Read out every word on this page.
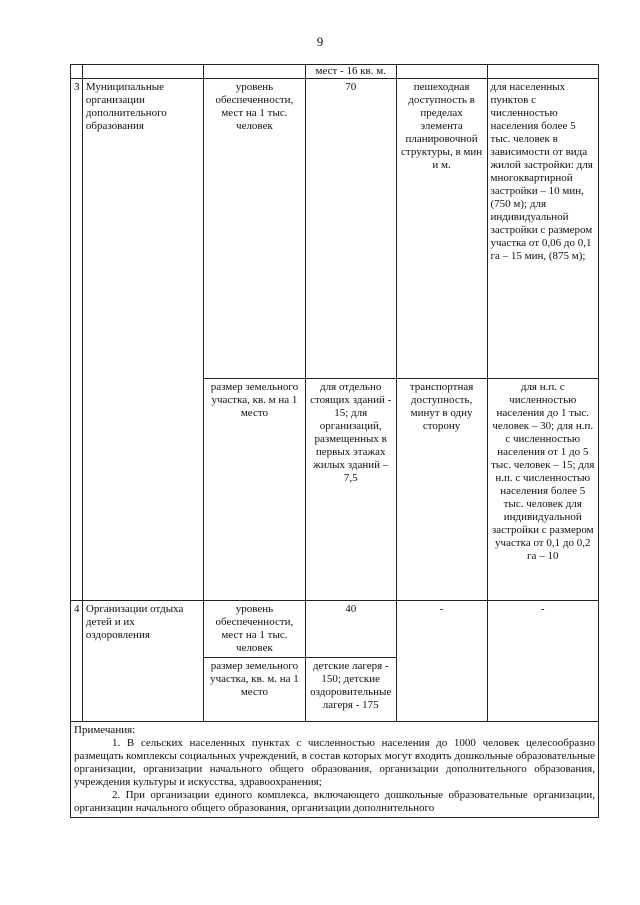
9
			мест - 16 кв. м.		
3	Муниципальные организации дополнительного образования	уровень обеспеченности, мест на 1 тыс. человек	70	пешеходная доступность в пределах элемента планировочной структуры, в мин и м.	для населенных пунктов с численностью населения более 5 тыс. человек в зависимости от вида жилой застройки: для многоквартирной застройки – 10 мин, (750 м); для индивидуальной застройки с размером участка от 0,06 до 0,1 га – 15 мин, (875 м);
		размер земельного участка, кв. м на 1 место	для отдельно стоящих зданий - 15; для организаций, размещенных в первых этажах жилых зданий – 7,5	транспортная доступность, минут в одну сторону	для н.п. с численностью населения до 1 тыс. человек – 30; для н.п. с численностью населения от 1 до 5 тыс. человек – 15; для н.п. с численностью населения более 5 тыс. человек для индивидуальной застройки с размером участка от 0,1 до 0,2 га – 10
4	Организации отдыха детей и их оздоровления	уровень обеспеченности, мест на 1 тыс. человек	40	-	-
		размер земельного участка, кв. м. на 1 место	детские лагеря - 150; детские оздоровительные лагеря - 175		

Примечания:
1. В сельских населенных пунктах с численностью населения до 1000 человек целесообразно размещать комплексы социальных учреждений, в состав которых могут входить дошкольные образовательные организации, организации начального общего образования, организации дополнительного образования, учреждения культуры и искусства, здравоохранения;
2. При организации единого комплекса, включающего дошкольные образовательные организации, организации начального общего образования, организации дополнительного					
